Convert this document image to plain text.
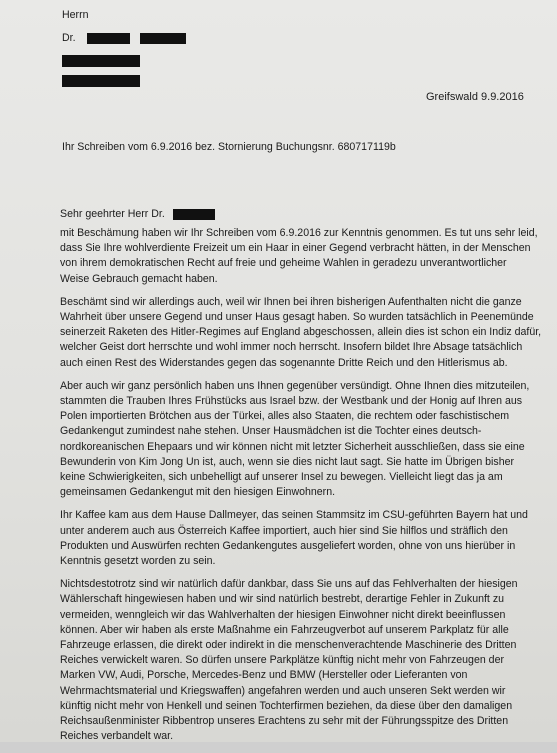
Herrn
Dr.
Greifswald 9.9.2016
Ihr Schreiben vom 6.9.2016 bez. Stornierung Buchungsnr. 680717119b
Sehr geehrter Herr Dr.
mit Beschämung haben wir Ihr Schreiben vom 6.9.2016 zur Kenntnis genommen. Es tut uns sehr leid,
dass Sie Ihre wohlverdiente Freizeit um ein Haar in einer Gegend verbracht hätten, in der Menschen
von ihrem demokratischen Recht auf freie und geheime Wahlen in geradezu unverantwortlicher
Weise Gebrauch gemacht haben.
Beschämt sind wir allerdings auch, weil wir Ihnen bei ihren bisherigen Aufenthalten nicht die ganze
Wahrheit über unsere Gegend und unser Haus gesagt haben. So wurden tatsächlich in Peenemünde
seinerzeit Raketen des Hitler-Regimes auf England abgeschossen, allein dies ist schon ein Indiz dafür,
welcher Geist dort herrschte und wohl immer noch herrscht. Insofern bildet Ihre Absage tatsächlich
auch einen Rest des Widerstandes gegen das sogenannte Dritte Reich und den Hitlerismus ab.
Aber auch wir ganz persönlich haben uns Ihnen gegenüber versündigt. Ohne Ihnen dies mitzuteilen,
stammten die Trauben Ihres Frühstücks aus Israel bzw. der Westbank und der Honig auf Ihren aus
Polen importierten Brötchen aus der Türkei, alles also Staaten, die rechtem oder faschistischem
Gedankengut zumindest nahe stehen. Unser Hausmädchen ist die Tochter eines deutsch-
nordkoreanischen Ehepaars und wir können nicht mit letzter Sicherheit ausschließen, dass sie eine
Bewunderin von Kim Jong Un ist, auch, wenn sie dies nicht laut sagt. Sie hatte im Übrigen bisher
keine Schwierigkeiten, sich unbehelligt auf unserer Insel zu bewegen. Vielleicht liegt das ja am
gemeinsamen Gedankengut mit den hiesigen Einwohnern.
Ihr Kaffee kam aus dem Hause Dallmeyer, das seinen Stammsitz im CSU-geführten Bayern hat und
unter anderem auch aus Österreich Kaffee importiert, auch hier sind Sie hilflos und sträflich den
Produkten und Auswürfen rechten Gedankengutes ausgeliefert worden, ohne von uns hierüber in
Kenntnis gesetzt worden zu sein.
Nichtsdestotrotz sind wir natürlich dafür dankbar, dass Sie uns auf das Fehlverhalten der hiesigen
Wählerschaft hingewiesen haben und wir sind natürlich bestrebt, derartige Fehler in Zukunft zu
vermeiden, wenngleich wir das Wahlverhalten der hiesigen Einwohner nicht direkt beeinflussen
können. Aber wir haben als erste Maßnahme ein Fahrzeugverbot auf unserem Parkplatz für alle
Fahrzeuge erlassen, die direkt oder indirekt in die menschenverachtende Maschinerie des Dritten
Reiches verwickelt waren. So dürfen unsere Parkplätze künftig nicht mehr von Fahrzeugen der
Marken VW, Audi, Porsche, Mercedes-Benz und BMW (Hersteller oder Lieferanten von
Wehrmachtsmaterial und Kriegswaffen) angefahren werden und auch unseren Sekt werden wir
künftig nicht mehr von Henkell und seinen Tochterfirmen beziehen, da diese über den damaligen
Reichsaußenminister Ribbentrop unseres Erachtens zu sehr mit der Führungsspitze des Dritten
Reiches verbandelt war.
